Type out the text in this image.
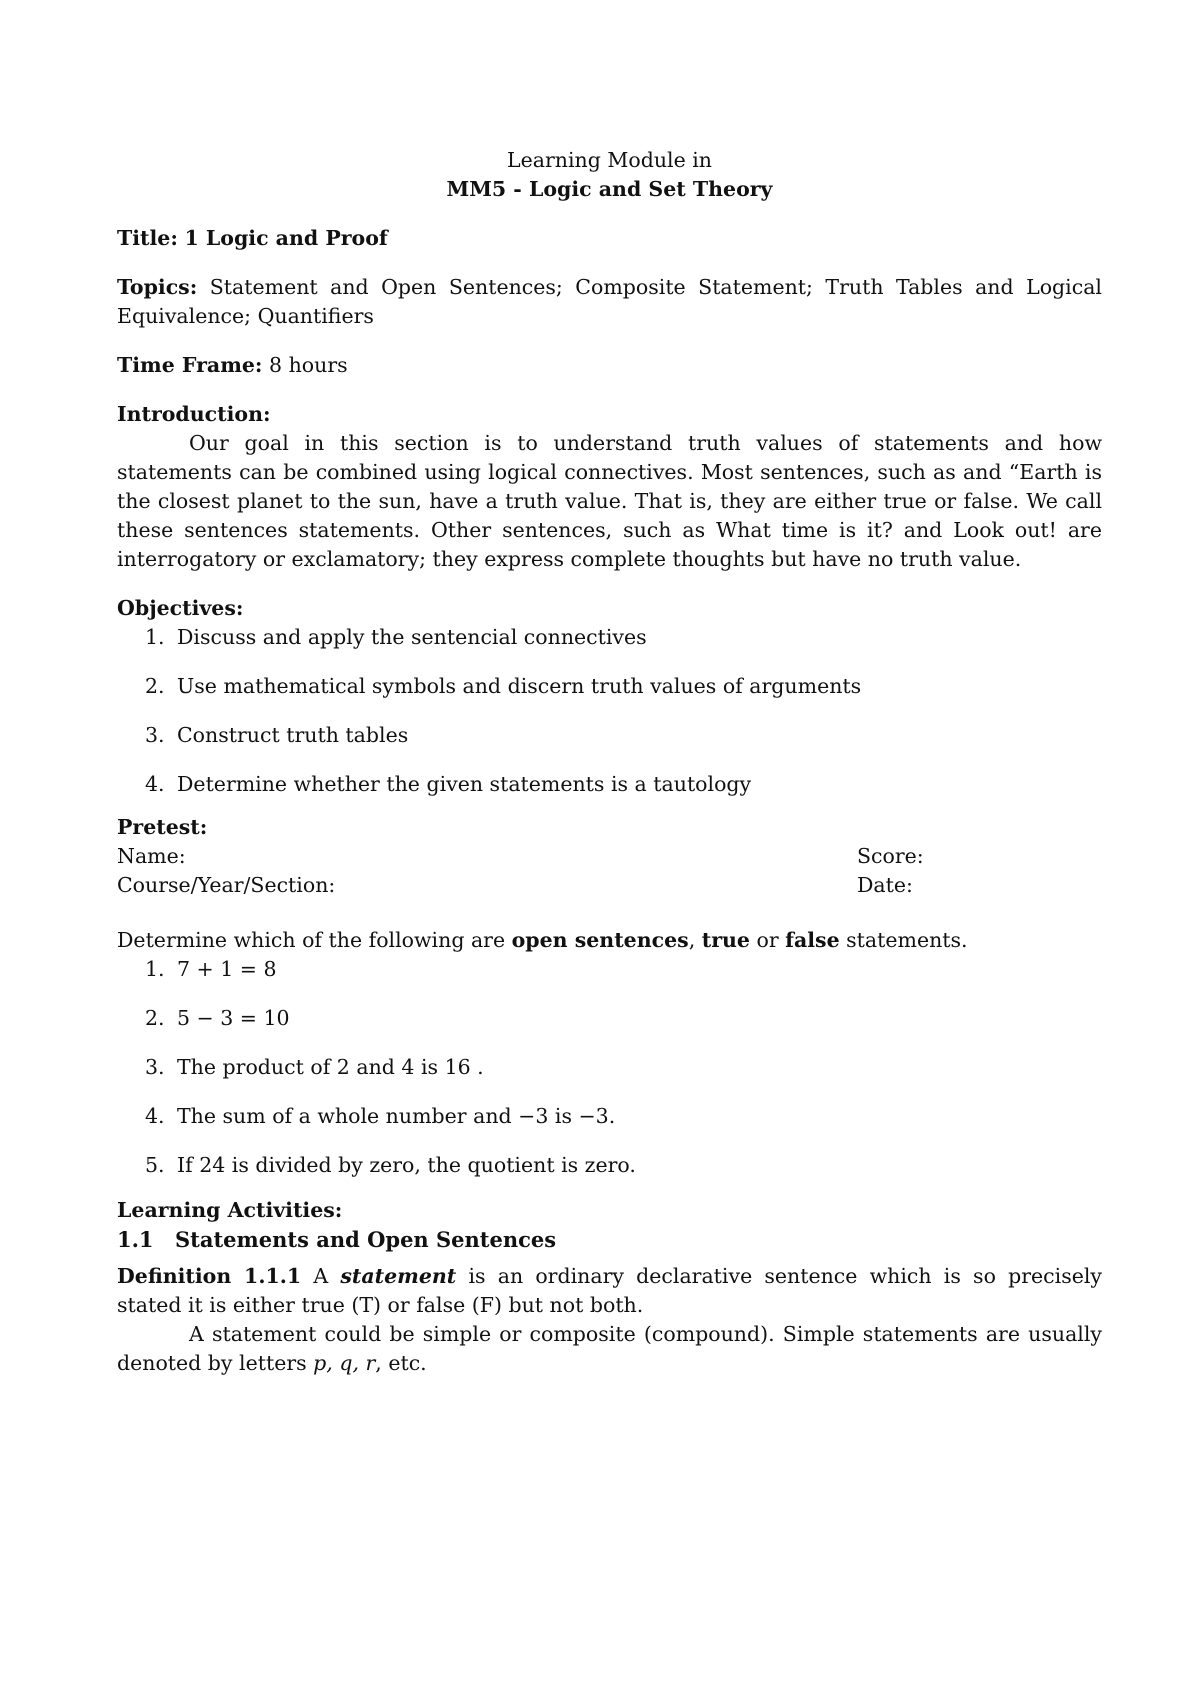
Learning Module in

MM5 - Logic and Set Theory

Title: 1 Logic and Proof

Topics: Statement and Open Sentences; Composite Statement; Truth Tables and Logical Equivalence; Quantifiers

Time Frame: 8 hours

Introduction:

Our goal in this section is to understand truth values of statements and how statements can be combined using logical connectives. Most sentences, such as and “Earth is the closest planet to the sun, have a truth value. That is, they are either true or false. We call these sentences statements. Other sentences, such as What time is it? and Look out! are interrogatory or exclamatory; they express complete thoughts but have no truth value.

Objectives:

Discuss and apply the sentencial connectives
Use mathematical symbols and discern truth values of arguments
Construct truth tables
Determine whether the given statements is a tautology

Pretest:

Name:	Score:
Course/Year/Section:	Date:

Determine which of the following are open sentences, true or false statements.

7 + 1 = 8
5 − 3 = 10
The product of 2 and 4 is 16 .
The sum of a whole number and −3 is −3.
If 24 is divided by zero, the quotient is zero.

Learning Activities:

1.1 Statements and Open Sentences

Definition 1.1.1 A statement is an ordinary declarative sentence which is so precisely stated it is either true (T) or false (F) but not both.

A statement could be simple or composite (compound). Simple statements are usually denoted by letters p, q, r, etc.
